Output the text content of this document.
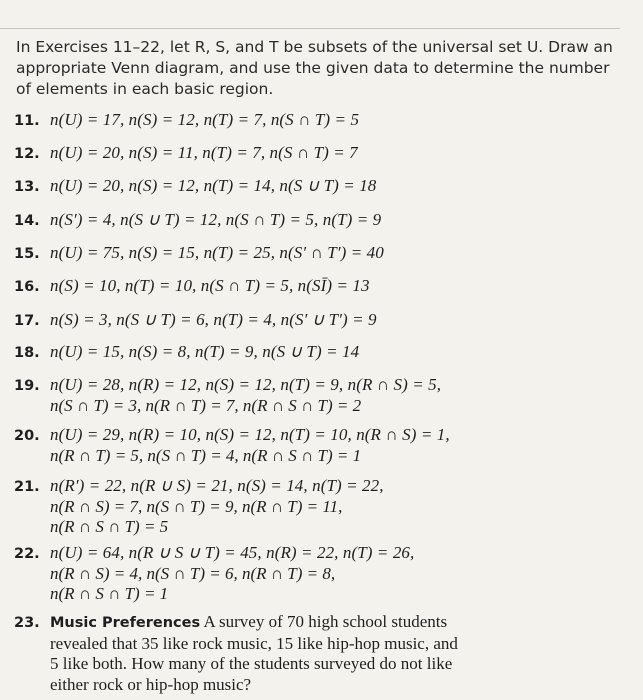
In Exercises 11–22, let R, S, and T be subsets of the universal set U. Draw an appropriate Venn diagram, and use the given data to determine the number of elements in each basic region.

11. n(U) = 17, n(S) = 12, n(T) = 7, n(S ∩ T) = 5

12. n(U) = 20, n(S) = 11, n(T) = 7, n(S ∩ T) = 7

13. n(U) = 20, n(S) = 12, n(T) = 14, n(S ∪ T) = 18

14. n(S′) = 4, n(S ∪ T) = 12, n(S ∩ T) = 5, n(T) = 9

15. n(U) = 75, n(S) = 15, n(T) = 25, n(S′ ∩ T′) = 40

16. n(S) = 10, n(T) = 10, n(S ∩ T) = 5, n(SĪ) = 13

17. n(S) = 3, n(S ∪ T) = 6, n(T) = 4, n(S′ ∪ T′) = 9

18. n(U) = 15, n(S) = 8, n(T) = 9, n(S ∪ T) = 14

19. n(U) = 28, n(R) = 12, n(S) = 12, n(T) = 9, n(R ∩ S) = 5,
n(S ∩ T) = 3, n(R ∩ T) = 7, n(R ∩ S ∩ T) = 2

20. n(U) = 29, n(R) = 10, n(S) = 12, n(T) = 10, n(R ∩ S) = 1,
n(R ∩ T) = 5, n(S ∩ T) = 4, n(R ∩ S ∩ T) = 1

21. n(R′) = 22, n(R ∪ S) = 21, n(S) = 14, n(T) = 22,
n(R ∩ S) = 7, n(S ∩ T) = 9, n(R ∩ T) = 11,
n(R ∩ S ∩ T) = 5

22. n(U) = 64, n(R ∪ S ∪ T) = 45, n(R) = 22, n(T) = 26,
n(R ∩ S) = 4, n(S ∩ T) = 6, n(R ∩ T) = 8,
n(R ∩ S ∩ T) = 1

23. Music Preferences A survey of 70 high school students
revealed that 35 like rock music, 15 like hip-hop music, and
5 like both. How many of the students surveyed do not like
either rock or hip-hop music?
